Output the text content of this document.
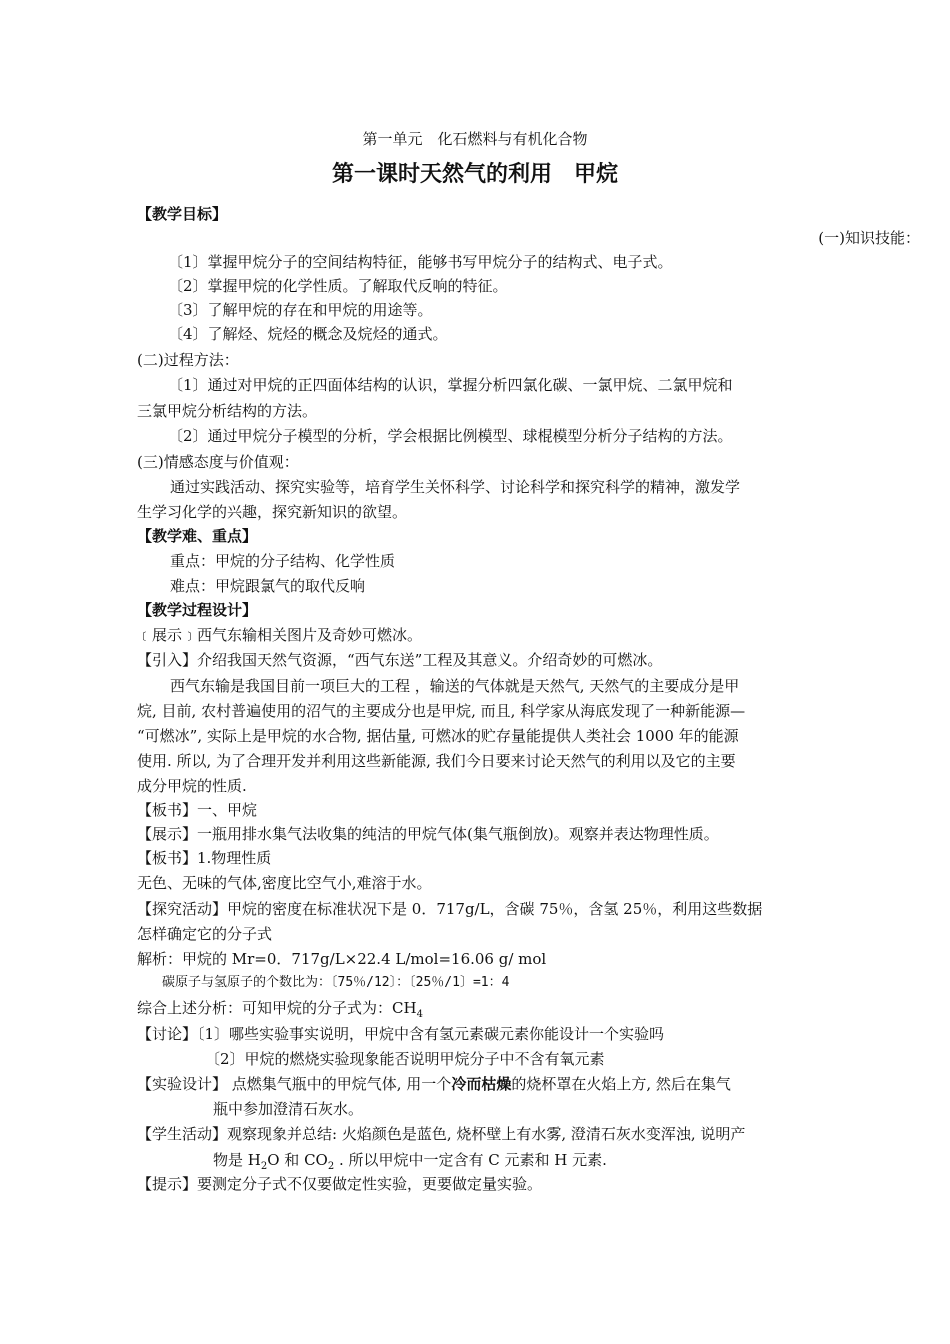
第一单元　化石燃料与有机化合物
第一课时天然气的利用　甲烷
【教学目标】
(一)知识技能：
〔1〕掌握甲烷分子的空间结构特征，能够书写甲烷分子的结构式、电子式。
〔2〕掌握甲烷的化学性质。了解取代反响的特征。
〔3〕了解甲烷的存在和甲烷的用途等。
〔4〕了解烃、烷烃的概念及烷烃的通式。
(二)过程方法：
〔1〕通过对甲烷的正四面体结构的认识，掌握分析四氯化碳、一氯甲烷、二氯甲烷和
三氯甲烷分析结构的方法。
〔2〕通过甲烷分子模型的分析，学会根据比例模型、球棍模型分析分子结构的方法。
(三)情感态度与价值观：
通过实践活动、探究实验等，培育学生关怀科学、讨论科学和探究科学的精神，激发学
生学习化学的兴趣，探究新知识的欲望。
【教学难、重点】
重点：甲烷的分子结构、化学性质
难点：甲烷跟氯气的取代反响
【教学过程设计】
﹝展示﹞西气东输相关图片及奇妙可燃冰。
【引入】介绍我国天然气资源，“西气东送”工程及其意义。介绍奇妙的可燃冰。
西气东输是我国目前一项巨大的工程 ，输送的气体就是天然气, 天然气的主要成分是甲
烷, 目前, 农村普遍使用的沼气的主要成分也是甲烷, 而且, 科学家从海底发现了一种新能源—
“可燃冰”, 实际上是甲烷的水合物, 据估量, 可燃冰的贮存量能提供人类社会 1000 年的能源
使用. 所以, 为了合理开发并利用这些新能源, 我们今日要来讨论天然气的利用以及它的主要
成分甲烷的性质.
【板书】一、甲烷
【展示】一瓶用排水集气法收集的纯洁的甲烷气体(集气瓶倒放)。观察并表达物理性质。
【板书】1.物理性质
无色、无味的气体,密度比空气小,难溶于水。
【探究活动】甲烷的密度在标准状况下是 0．717g/L，含碳 75％，含氢 25％，利用这些数据
怎样确定它的分子式
解析：甲烷的 Mr=0．717g/L×22.4 L/mol=16.06 g/ mol
碳原子与氢原子的个数比为：〔75％/12〕：〔25％/1〕=1：4
综合上述分析：可知甲烷的分子式为：$CH_4$
【讨论】〔1〕哪些实验事实说明，甲烷中含有氢元素碳元素你能设计一个实验吗
〔2〕甲烷的燃烧实验现象能否说明甲烷分子中不含有氧元素
【实验设计】 点燃集气瓶中的甲烷气体, 用一个冷而枯燥的烧杯罩在火焰上方, 然后在集气
瓶中参加澄清石灰水。
【学生活动】观察现象并总结: 火焰颜色是蓝色, 烧杯壁上有水雾, 澄清石灰水变浑浊, 说明产
物是 $H_2O$ 和 $CO_2$ . 所以甲烷中一定含有 C 元素和 H 元素.
【提示】要测定分子式不仅要做定性实验，更要做定量实验。
